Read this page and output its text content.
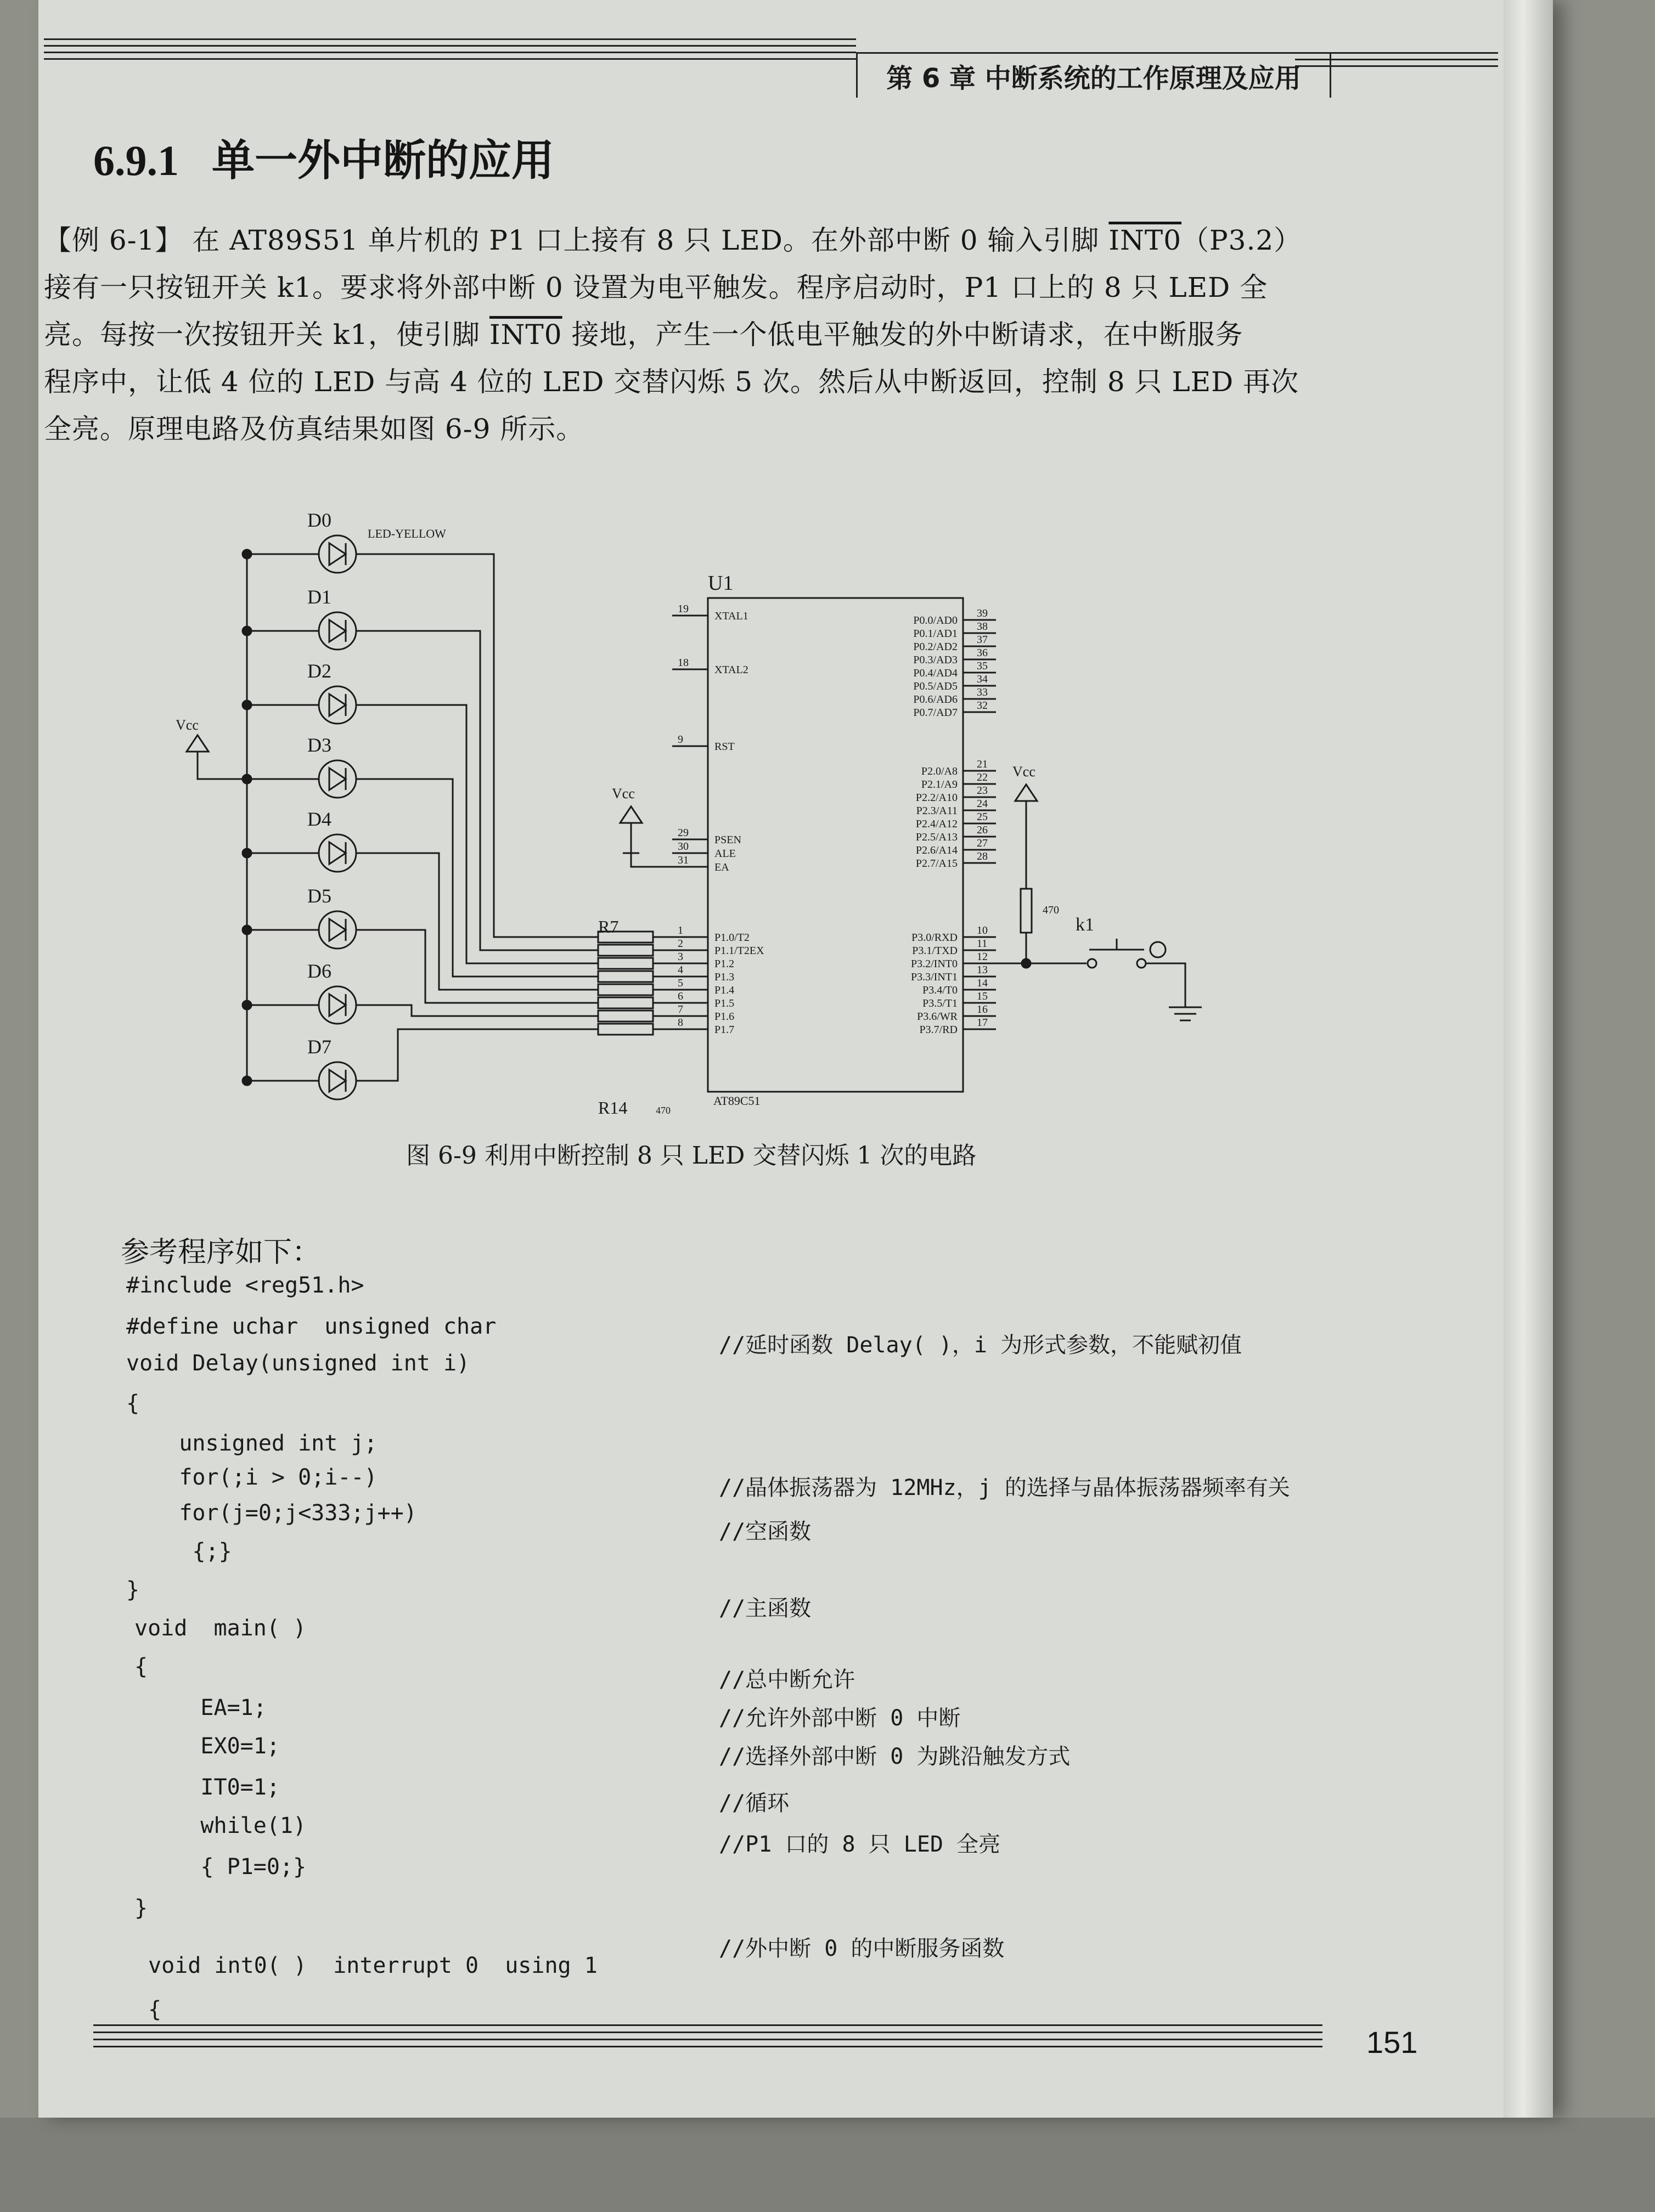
第 6 章 中断系统的工作原理及应用
6.9.1 单一外中断的应用

【例 6-1】 在 AT89S51 单片机的 P1 口上接有 8 只 LED。在外部中断 0 输入引脚 INT0（P3.2）

接有一只按钮开关 k1。要求将外部中断 0 设置为电平触发。程序启动时，P1 口上的 8 只 LED 全

亮。每按一次按钮开关 k1，使引脚 INT0 接地，产生一个低电平触发的外中断请求，在中断服务

程序中，让低 4 位的 LED 与高 4 位的 LED 交替闪烁 5 次。然后从中断返回，控制 8 只 LED 再次

全亮。原理电路及仿真结果如图 6-9 所示。

U1
AT89C51
19
XTAL1
18
XTAL2
9
RST
29
PSEN
30
ALE
31
EA
1
P1.0/T2
2
P1.1/T2EX
3
P1.2
4
P1.3
5
P1.4
6
P1.5
7
P1.6
8
P1.7
39
P0.0/AD0 38
P0.1/AD1 37
P0.2/AD2 36
P0.3/AD3 35
P0.4/AD4 34
P0.5/AD5 33
P0.6/AD6 32
P0.7/AD7
21
P2.0/A8 22
P2.1/A9 23
P2.2/A10 24
P2.3/A11 25
P2.4/A12 26
P2.5/A13 27
P2.6/A14 28
P2.7/A15
10
P3.0/RXD 11
P3.1/TXD 12
P3.2/INT0 13
P3.3/INT1 14
P3.4/T0 15
P3.5/T1 16
P3.6/WR 17
P3.7/RD
D0
D1
D2
D3
D4
D5
D6
D7
LED-YELLOW
Vcc
Vcc
R14	470
R7
Vcc
470
k1
图 6-9 利用中断控制 8 只 LED 交替闪烁 1 次的电路
参考程序如下：
#include <reg51.h>
#define uchar  unsigned char
void Delay(unsigned int i)
{
unsigned int j;
for(;i > 0;i--)
for(j=0;j<333;j++)
{;}
}
void  main( )
{
EA=1;
EX0=1;
IT0=1;
while(1)
{ P1=0;}
}
void int0( )  interrupt 0  using 1
{
//延时函数 Delay( )，i 为形式参数，不能赋初值
//晶体振荡器为 12MHz，j 的选择与晶体振荡器频率有关
//空函数
//主函数
//总中断允许
//允许外部中断 0 中断
//选择外部中断 0 为跳沿触发方式
//循环
//P1 口的 8 只 LED 全亮
//外中断 0 的中断服务函数
151
